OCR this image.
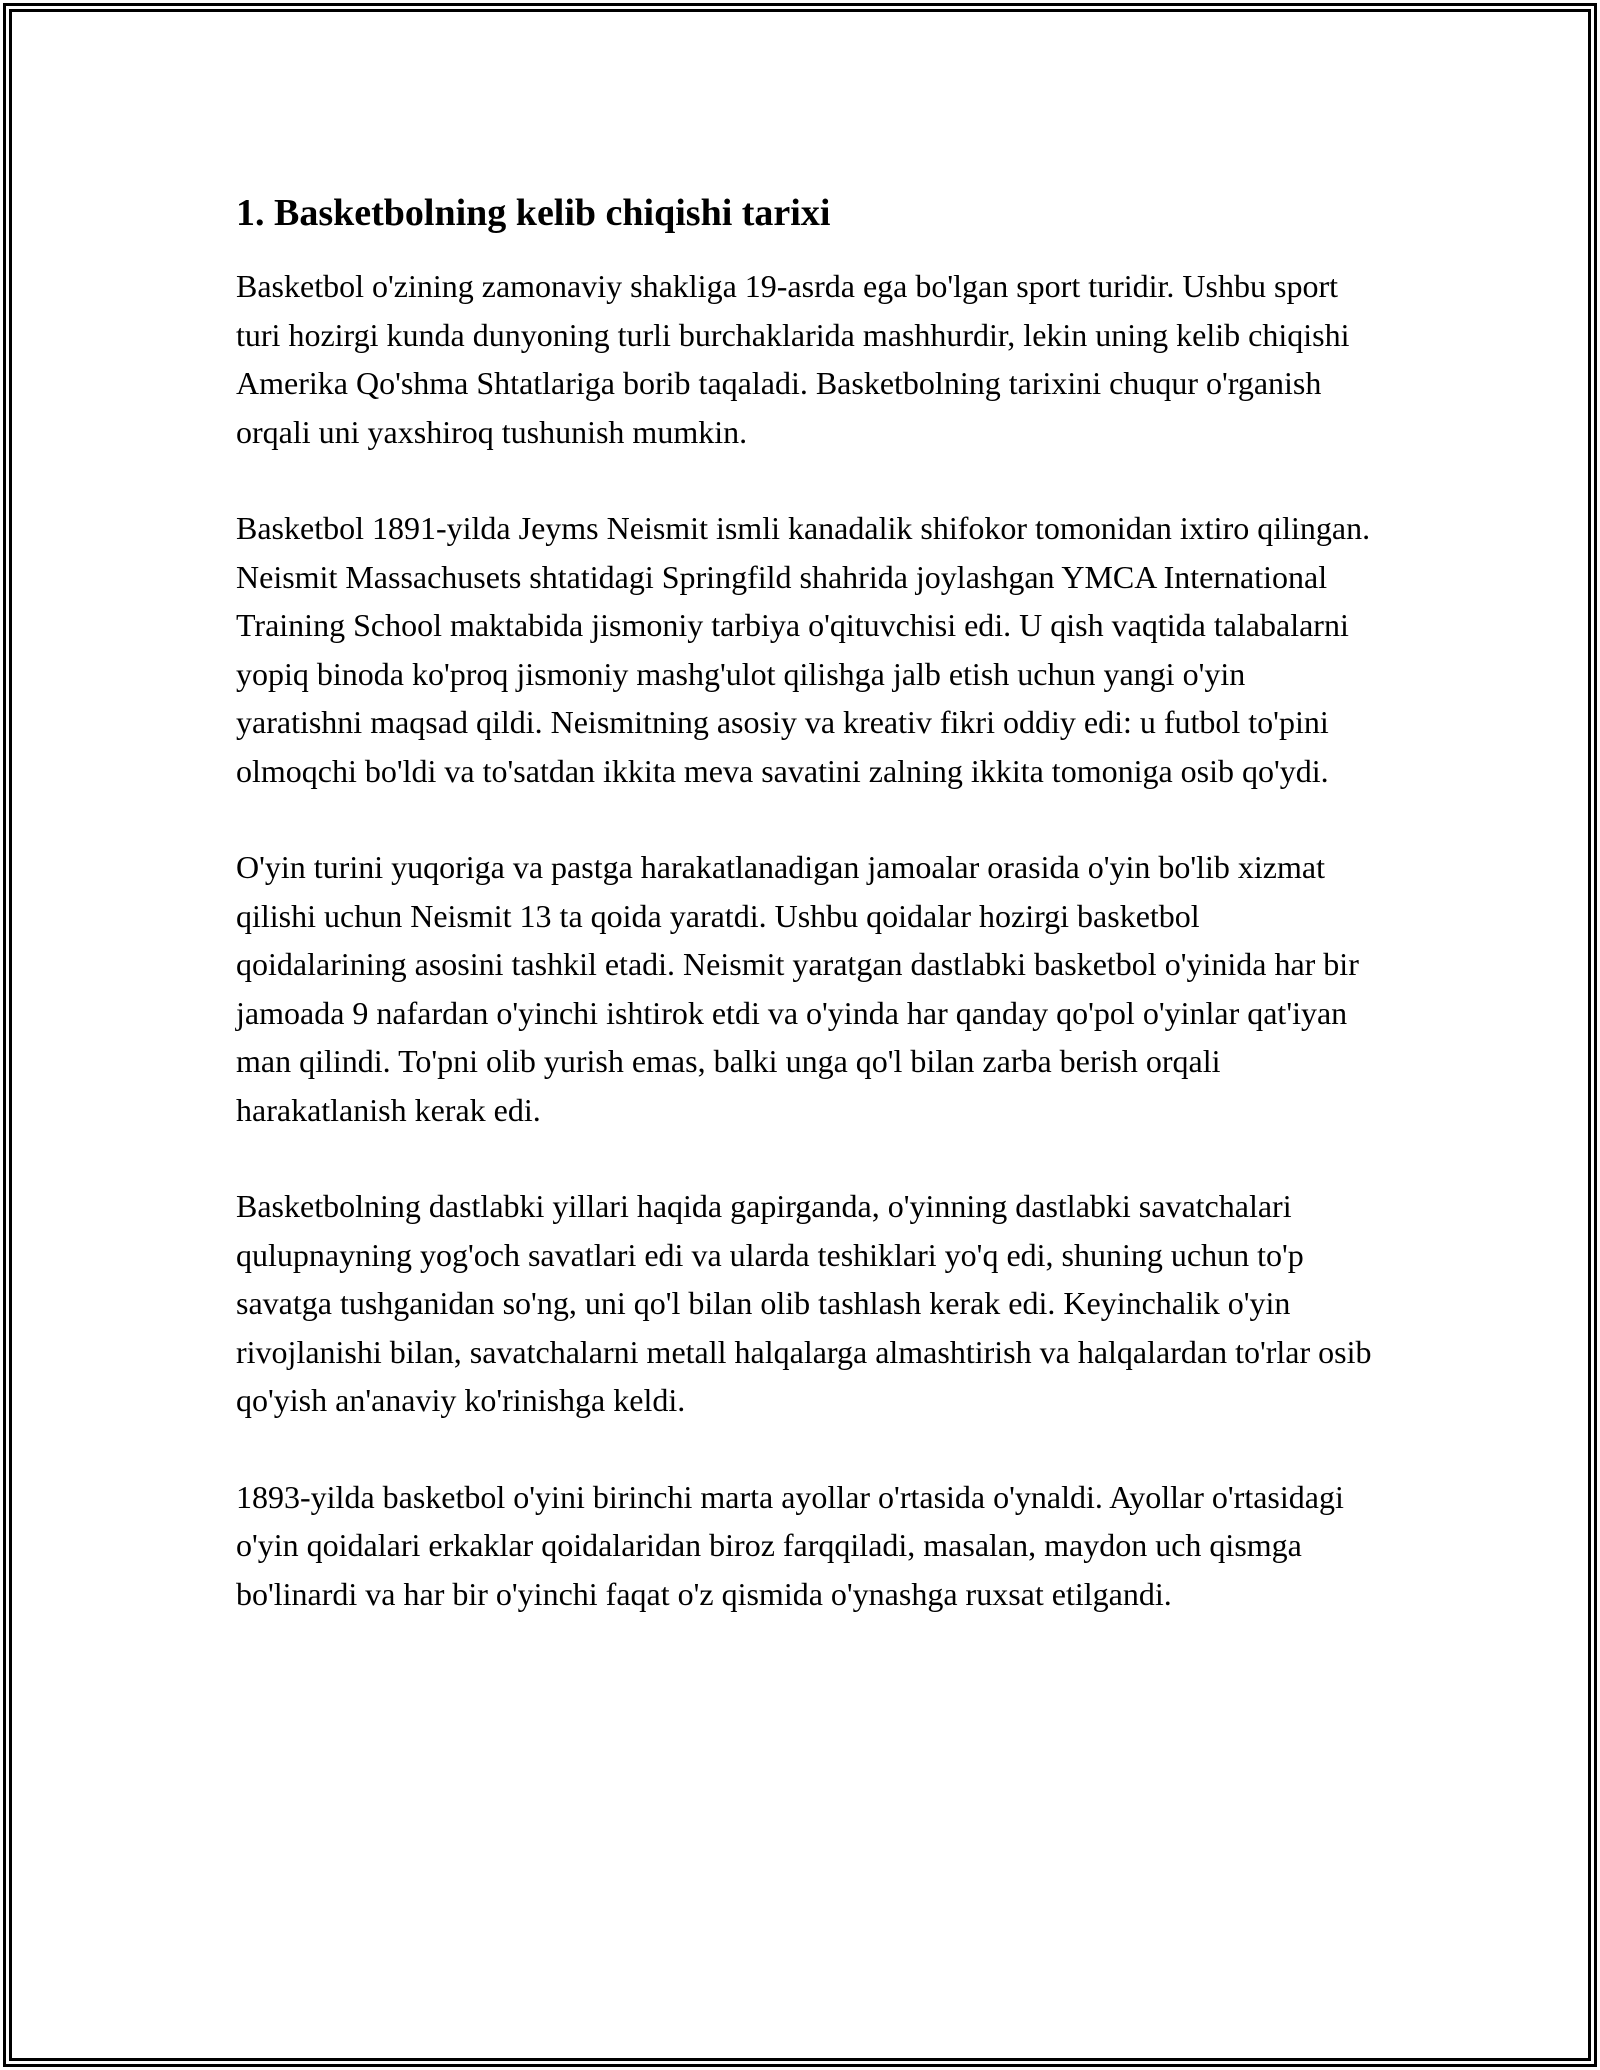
1. Basketbolning kelib chiqishi tarixi

Basketbol o'zining zamonaviy shakliga 19-asrda ega bo'lgan sport turidir. Ushbu sport turi hozirgi kunda dunyoning turli burchaklarida mashhurdir, lekin uning kelib chiqishi Amerika Qo'shma Shtatlariga borib taqaladi. Basketbolning tarixini chuqur o'rganish orqali uni yaxshiroq tushunish mumkin.

Basketbol 1891-yilda Jeyms Neismit ismli kanadalik shifokor tomonidan ixtiro qilingan. Neismit Massachusets shtatidagi Springfild shahrida joylashgan YMCA International Training School maktabida jismoniy tarbiya o'qituvchisi edi. U qish vaqtida talabalarni yopiq binoda ko'proq jismoniy mashg'ulot qilishga jalb etish uchun yangi o'yin yaratishni maqsad qildi. Neismitning asosiy va kreativ fikri oddiy edi: u futbol to'pini olmoqchi bo'ldi va to'satdan ikkita meva savatini zalning ikkita tomoniga osib qo'ydi.

O'yin turini yuqoriga va pastga harakatlanadigan jamoalar orasida o'yin bo'lib xizmat qilishi uchun Neismit 13 ta qoida yaratdi. Ushbu qoidalar hozirgi basketbol qoidalarining asosini tashkil etadi. Neismit yaratgan dastlabki basketbol o'yinida har bir jamoada 9 nafardan o'yinchi ishtirok etdi va o'yinda har qanday qo'pol o'yinlar qat'iyan man qilindi. To'pni olib yurish emas, balki unga qo'l bilan zarba berish orqali harakatlanish kerak edi.

Basketbolning dastlabki yillari haqida gapirganda, o'yinning dastlabki savatchalari qulupnayning yog'och savatlari edi va ularda teshiklari yo'q edi, shuning uchun to'p savatga tushganidan so'ng, uni qo'l bilan olib tashlash kerak edi. Keyinchalik o'yin rivojlanishi bilan, savatchalarni metall halqalarga almashtirish va halqalardan to'rlar osib qo'yish an'anaviy ko'rinishga keldi.

1893-yilda basketbol o'yini birinchi marta ayollar o'rtasida o'ynaldi. Ayollar o'rtasidagi o'yin qoidalari erkaklar qoidalaridan biroz farqqiladi, masalan, maydon uch qismga bo'linardi va har bir o'yinchi faqat o'z qismida o'ynashga ruxsat etilgandi.
